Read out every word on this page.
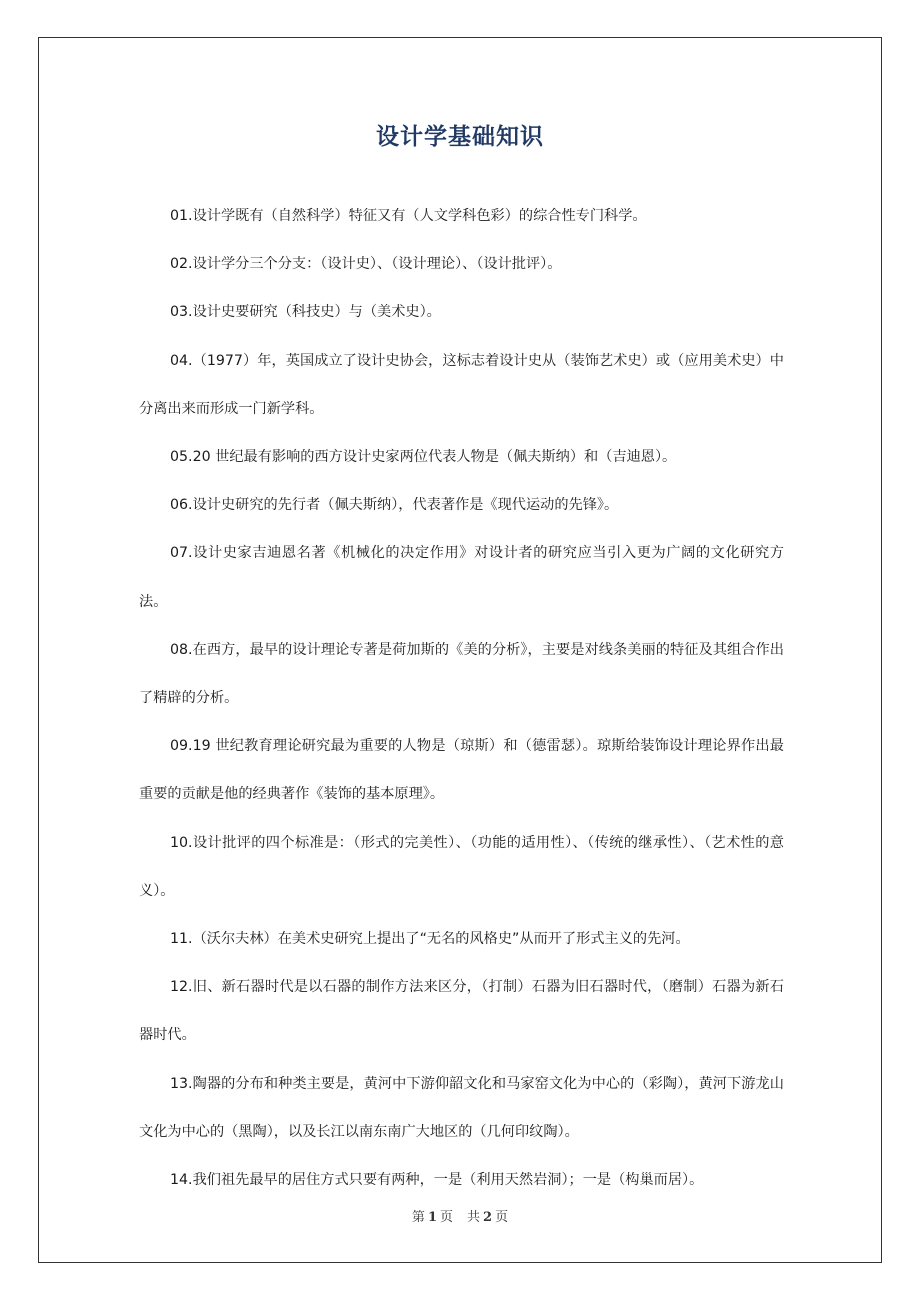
设计学基础知识

01.设计学既有（自然科学）特征又有（人文学科色彩）的综合性专门科学。

02.设计学分三个分支：（设计史）、（设计理论）、（设计批评）。

03.设计史要研究（科技史）与（美术史）。

04.（1977）年，英国成立了设计史协会，这标志着设计史从（装饰艺术史）或（应用美术史）中分离出来而形成一门新学科。

05.20 世纪最有影响的西方设计史家两位代表人物是（佩夫斯纳）和（吉迪恩）。

06.设计史研究的先行者（佩夫斯纳），代表著作是《现代运动的先锋》。

07.设计史家吉迪恩名著《机械化的决定作用》对设计者的研究应当引入更为广阔的文化研究方法。

08.在西方，最早的设计理论专著是荷加斯的《美的分析》，主要是对线条美丽的特征及其组合作出了精辟的分析。

09.19 世纪教育理论研究最为重要的人物是（琼斯）和（德雷瑟）。琼斯给装饰设计理论界作出最重要的贡献是他的经典著作《装饰的基本原理》。

10.设计批评的四个标准是：（形式的完美性）、（功能的适用性）、（传统的继承性）、（艺术性的意义）。

11.（沃尔夫林）在美术史研究上提出了“无名的风格史”从而开了形式主义的先河。

12.旧、新石器时代是以石器的制作方法来区分，（打制）石器为旧石器时代，（磨制）石器为新石器时代。

13.陶器的分布和种类主要是，黄河中下游仰韶文化和马家窑文化为中心的（彩陶），黄河下游龙山文化为中心的（黑陶），以及长江以南东南广大地区的（几何印纹陶）。

14.我们祖先最早的居住方式只要有两种，一是（利用天然岩洞）；一是（构巢而居）。

第 1 页 共 2 页
